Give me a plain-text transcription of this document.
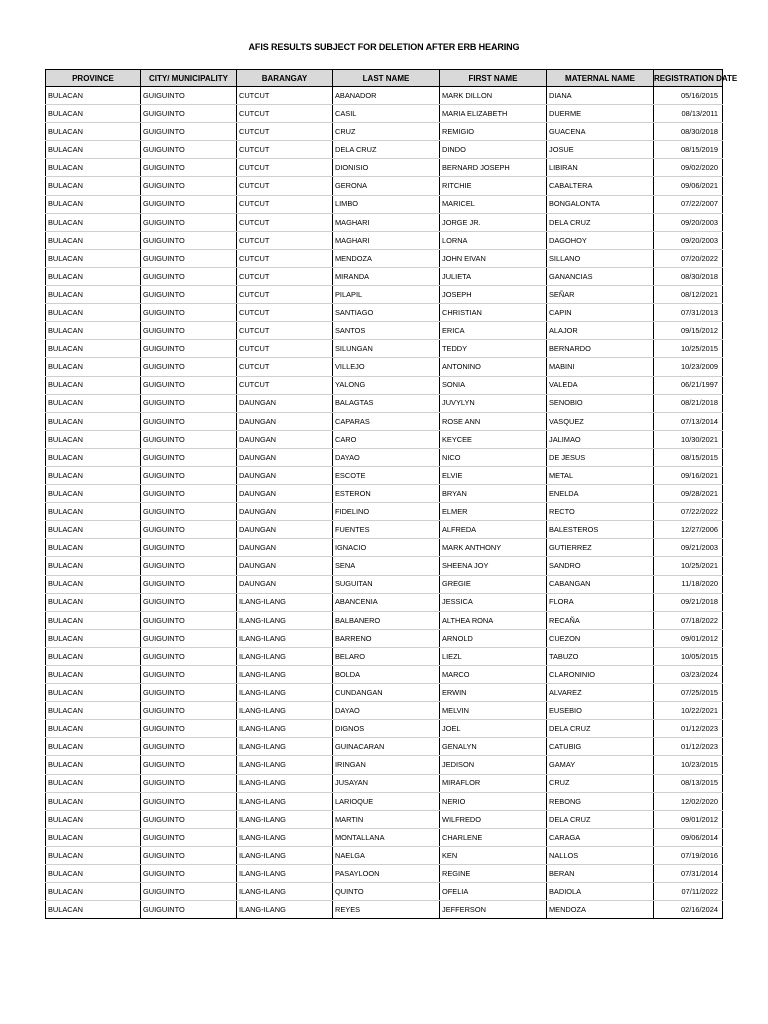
AFIS RESULTS SUBJECT FOR DELETION AFTER ERB HEARING
PROVINCE	CITY/ MUNICIPALITY	BARANGAY	LAST NAME	FIRST NAME	MATERNAL NAME	REGISTRATION DATE
BULACAN	GUIGUINTO	CUTCUT	ABANADOR	MARK DILLON	DIANA	05/16/2015
BULACAN	GUIGUINTO	CUTCUT	CASIL	MARIA ELIZABETH	DUERME	08/13/2011
BULACAN	GUIGUINTO	CUTCUT	CRUZ	REMIGIO	GUACENA	08/30/2018
BULACAN	GUIGUINTO	CUTCUT	DELA CRUZ	DINDO	JOSUE	08/15/2019
BULACAN	GUIGUINTO	CUTCUT	DIONISIO	BERNARD JOSEPH	LIBIRAN	09/02/2020
BULACAN	GUIGUINTO	CUTCUT	GERONA	RITCHIE	CABALTERA	09/06/2021
BULACAN	GUIGUINTO	CUTCUT	LIMBO	MARICEL	BONGALONTA	07/22/2007
BULACAN	GUIGUINTO	CUTCUT	MAGHARI	JORGE JR.	DELA CRUZ	09/20/2003
BULACAN	GUIGUINTO	CUTCUT	MAGHARI	LORNA	DAGOHOY	09/20/2003
BULACAN	GUIGUINTO	CUTCUT	MENDOZA	JOHN EIVAN	SILLANO	07/20/2022
BULACAN	GUIGUINTO	CUTCUT	MIRANDA	JULIETA	GANANCIAS	08/30/2018
BULACAN	GUIGUINTO	CUTCUT	PILAPIL	JOSEPH	SEÑAR	08/12/2021
BULACAN	GUIGUINTO	CUTCUT	SANTIAGO	CHRISTIAN	CAPIN	07/31/2013
BULACAN	GUIGUINTO	CUTCUT	SANTOS	ERICA	ALAJOR	09/15/2012
BULACAN	GUIGUINTO	CUTCUT	SILUNGAN	TEDDY	BERNARDO	10/25/2015
BULACAN	GUIGUINTO	CUTCUT	VILLEJO	ANTONINO	MABINI	10/23/2009
BULACAN	GUIGUINTO	CUTCUT	YALONG	SONIA	VALEDA	06/21/1997
BULACAN	GUIGUINTO	DAUNGAN	BALAGTAS	JUVYLYN	SENOBIO	08/21/2018
BULACAN	GUIGUINTO	DAUNGAN	CAPARAS	ROSE ANN	VASQUEZ	07/13/2014
BULACAN	GUIGUINTO	DAUNGAN	CARO	KEYCEE	JALIMAO	10/30/2021
BULACAN	GUIGUINTO	DAUNGAN	DAYAO	NICO	DE JESUS	08/15/2015
BULACAN	GUIGUINTO	DAUNGAN	ESCOTE	ELVIE	METAL	09/16/2021
BULACAN	GUIGUINTO	DAUNGAN	ESTERON	BRYAN	ENELDA	09/28/2021
BULACAN	GUIGUINTO	DAUNGAN	FIDELINO	ELMER	RECTO	07/22/2022
BULACAN	GUIGUINTO	DAUNGAN	FUENTES	ALFREDA	BALESTEROS	12/27/2006
BULACAN	GUIGUINTO	DAUNGAN	IGNACIO	MARK ANTHONY	GUTIERREZ	09/21/2003
BULACAN	GUIGUINTO	DAUNGAN	SENA	SHEENA JOY	SANDRO	10/25/2021
BULACAN	GUIGUINTO	DAUNGAN	SUGUITAN	GREGIE	CABANGAN	11/18/2020
BULACAN	GUIGUINTO	ILANG-ILANG	ABANCENIA	JESSICA	FLORA	09/21/2018
BULACAN	GUIGUINTO	ILANG-ILANG	BALBANERO	ALTHEA RONA	RECAÑA	07/18/2022
BULACAN	GUIGUINTO	ILANG-ILANG	BARRENO	ARNOLD	CUEZON	09/01/2012
BULACAN	GUIGUINTO	ILANG-ILANG	BELARO	LIEZL	TABUZO	10/05/2015
BULACAN	GUIGUINTO	ILANG-ILANG	BOLDA	MARCO	CLARONINIO	03/23/2024
BULACAN	GUIGUINTO	ILANG-ILANG	CUNDANGAN	ERWIN	ALVAREZ	07/25/2015
BULACAN	GUIGUINTO	ILANG-ILANG	DAYAO	MELVIN	EUSEBIO	10/22/2021
BULACAN	GUIGUINTO	ILANG-ILANG	DIGNOS	JOEL	DELA CRUZ	01/12/2023
BULACAN	GUIGUINTO	ILANG-ILANG	GUINACARAN	GENALYN	CATUBIG	01/12/2023
BULACAN	GUIGUINTO	ILANG-ILANG	IRINGAN	JEDISON	GAMAY	10/23/2015
BULACAN	GUIGUINTO	ILANG-ILANG	JUSAYAN	MIRAFLOR	CRUZ	08/13/2015
BULACAN	GUIGUINTO	ILANG-ILANG	LARIOQUE	NERIO	REBONG	12/02/2020
BULACAN	GUIGUINTO	ILANG-ILANG	MARTIN	WILFREDO	DELA CRUZ	09/01/2012
BULACAN	GUIGUINTO	ILANG-ILANG	MONTALLANA	CHARLENE	CARAGA	09/06/2014
BULACAN	GUIGUINTO	ILANG-ILANG	NAELGA	KEN	NALLOS	07/19/2016
BULACAN	GUIGUINTO	ILANG-ILANG	PASAYLOON	REGINE	BERAN	07/31/2014
BULACAN	GUIGUINTO	ILANG-ILANG	QUINTO	OFELIA	BADIOLA	07/11/2022
BULACAN	GUIGUINTO	ILANG-ILANG	REYES	JEFFERSON	MENDOZA	02/16/2024
